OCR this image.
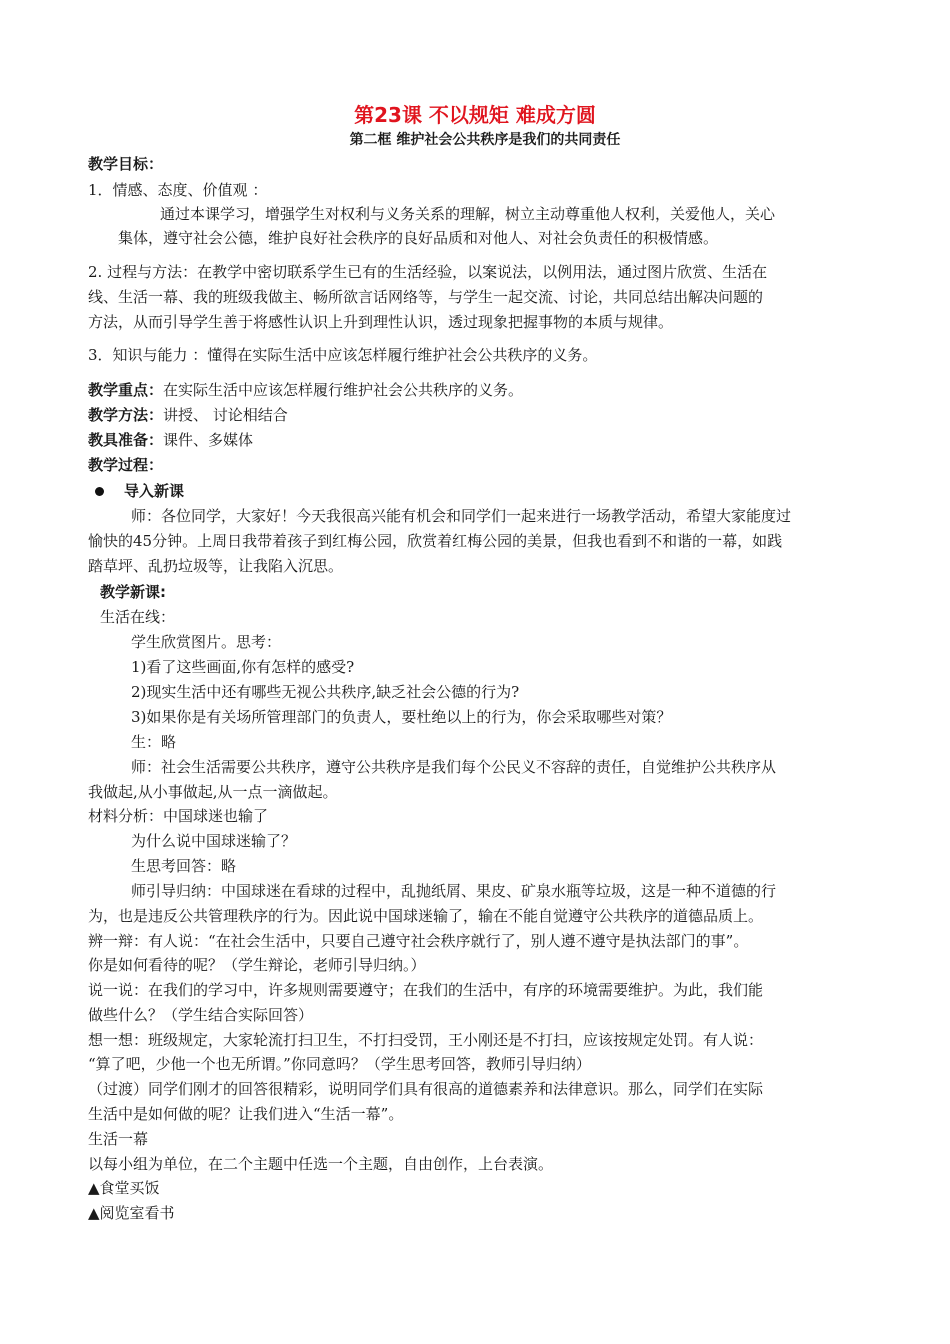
第23课 不以规矩 难成方圆
第二框 维护社会公共秩序是我们的共同责任
教学目标：
1．情感、态度、价值观 ：
通过本课学习，增强学生对权利与义务关系的理解，树立主动尊重他人权利，关爱他人，关心
集体，遵守社会公德，维护良好社会秩序的良好品质和对他人、对社会负责任的积极情感。
2. 过程与方法：在教学中密切联系学生已有的生活经验，以案说法，以例用法，通过图片欣赏、生活在
线、生活一幕、我的班级我做主、畅所欲言话网络等，与学生一起交流、讨论，共同总结出解决问题的
方法，从而引导学生善于将感性认识上升到理性认识，透过现象把握事物的本质与规律。
3．知识与能力 ：懂得在实际生活中应该怎样履行维护社会公共秩序的义务。
教学重点：在实际生活中应该怎样履行维护社会公共秩序的义务。
教学方法：讲授、 讨论相结合
教具准备：课件、多媒体
教学过程：
导入新课
师：各位同学，大家好！今天我很高兴能有机会和同学们一起来进行一场教学活动，希望大家能度过
愉快的45分钟。上周日我带着孩子到红梅公园，欣赏着红梅公园的美景，但我也看到不和谐的一幕，如践
踏草坪、乱扔垃圾等，让我陷入沉思。
教学新课:
生活在线：
学生欣赏图片。思考：
1)看了这些画面,你有怎样的感受?
2)现实生活中还有哪些无视公共秩序,缺乏社会公德的行为?
3)如果你是有关场所管理部门的负责人，要杜绝以上的行为，你会采取哪些对策？
生：略
师：社会生活需要公共秩序，遵守公共秩序是我们每个公民义不容辞的责任，自觉维护公共秩序从
我做起,从小事做起,从一点一滴做起。
材料分析：中国球迷也输了
为什么说中国球迷输了？
生思考回答：略
师引导归纳：中国球迷在看球的过程中，乱抛纸屑、果皮、矿泉水瓶等垃圾，这是一种不道德的行
为，也是违反公共管理秩序的行为。因此说中国球迷输了，输在不能自觉遵守公共秩序的道德品质上。
辨一辩：有人说：“在社会生活中，只要自己遵守社会秩序就行了，别人遵不遵守是执法部门的事”。
你是如何看待的呢？（学生辩论，老师引导归纳。）
说一说：在我们的学习中，许多规则需要遵守；在我们的生活中，有序的环境需要维护。为此，我们能
做些什么？（学生结合实际回答）
想一想：班级规定，大家轮流打扫卫生，不打扫受罚，王小刚还是不打扫，应该按规定处罚。有人说：
“算了吧，少他一个也无所谓。”你同意吗？（学生思考回答，教师引导归纳）
（过渡）同学们刚才的回答很精彩，说明同学们具有很高的道德素养和法律意识。那么，同学们在实际
生活中是如何做的呢？让我们进入“生活一幕”。
生活一幕
以每小组为单位，在二个主题中任选一个主题，自由创作，上台表演。
▲食堂买饭
▲阅览室看书
